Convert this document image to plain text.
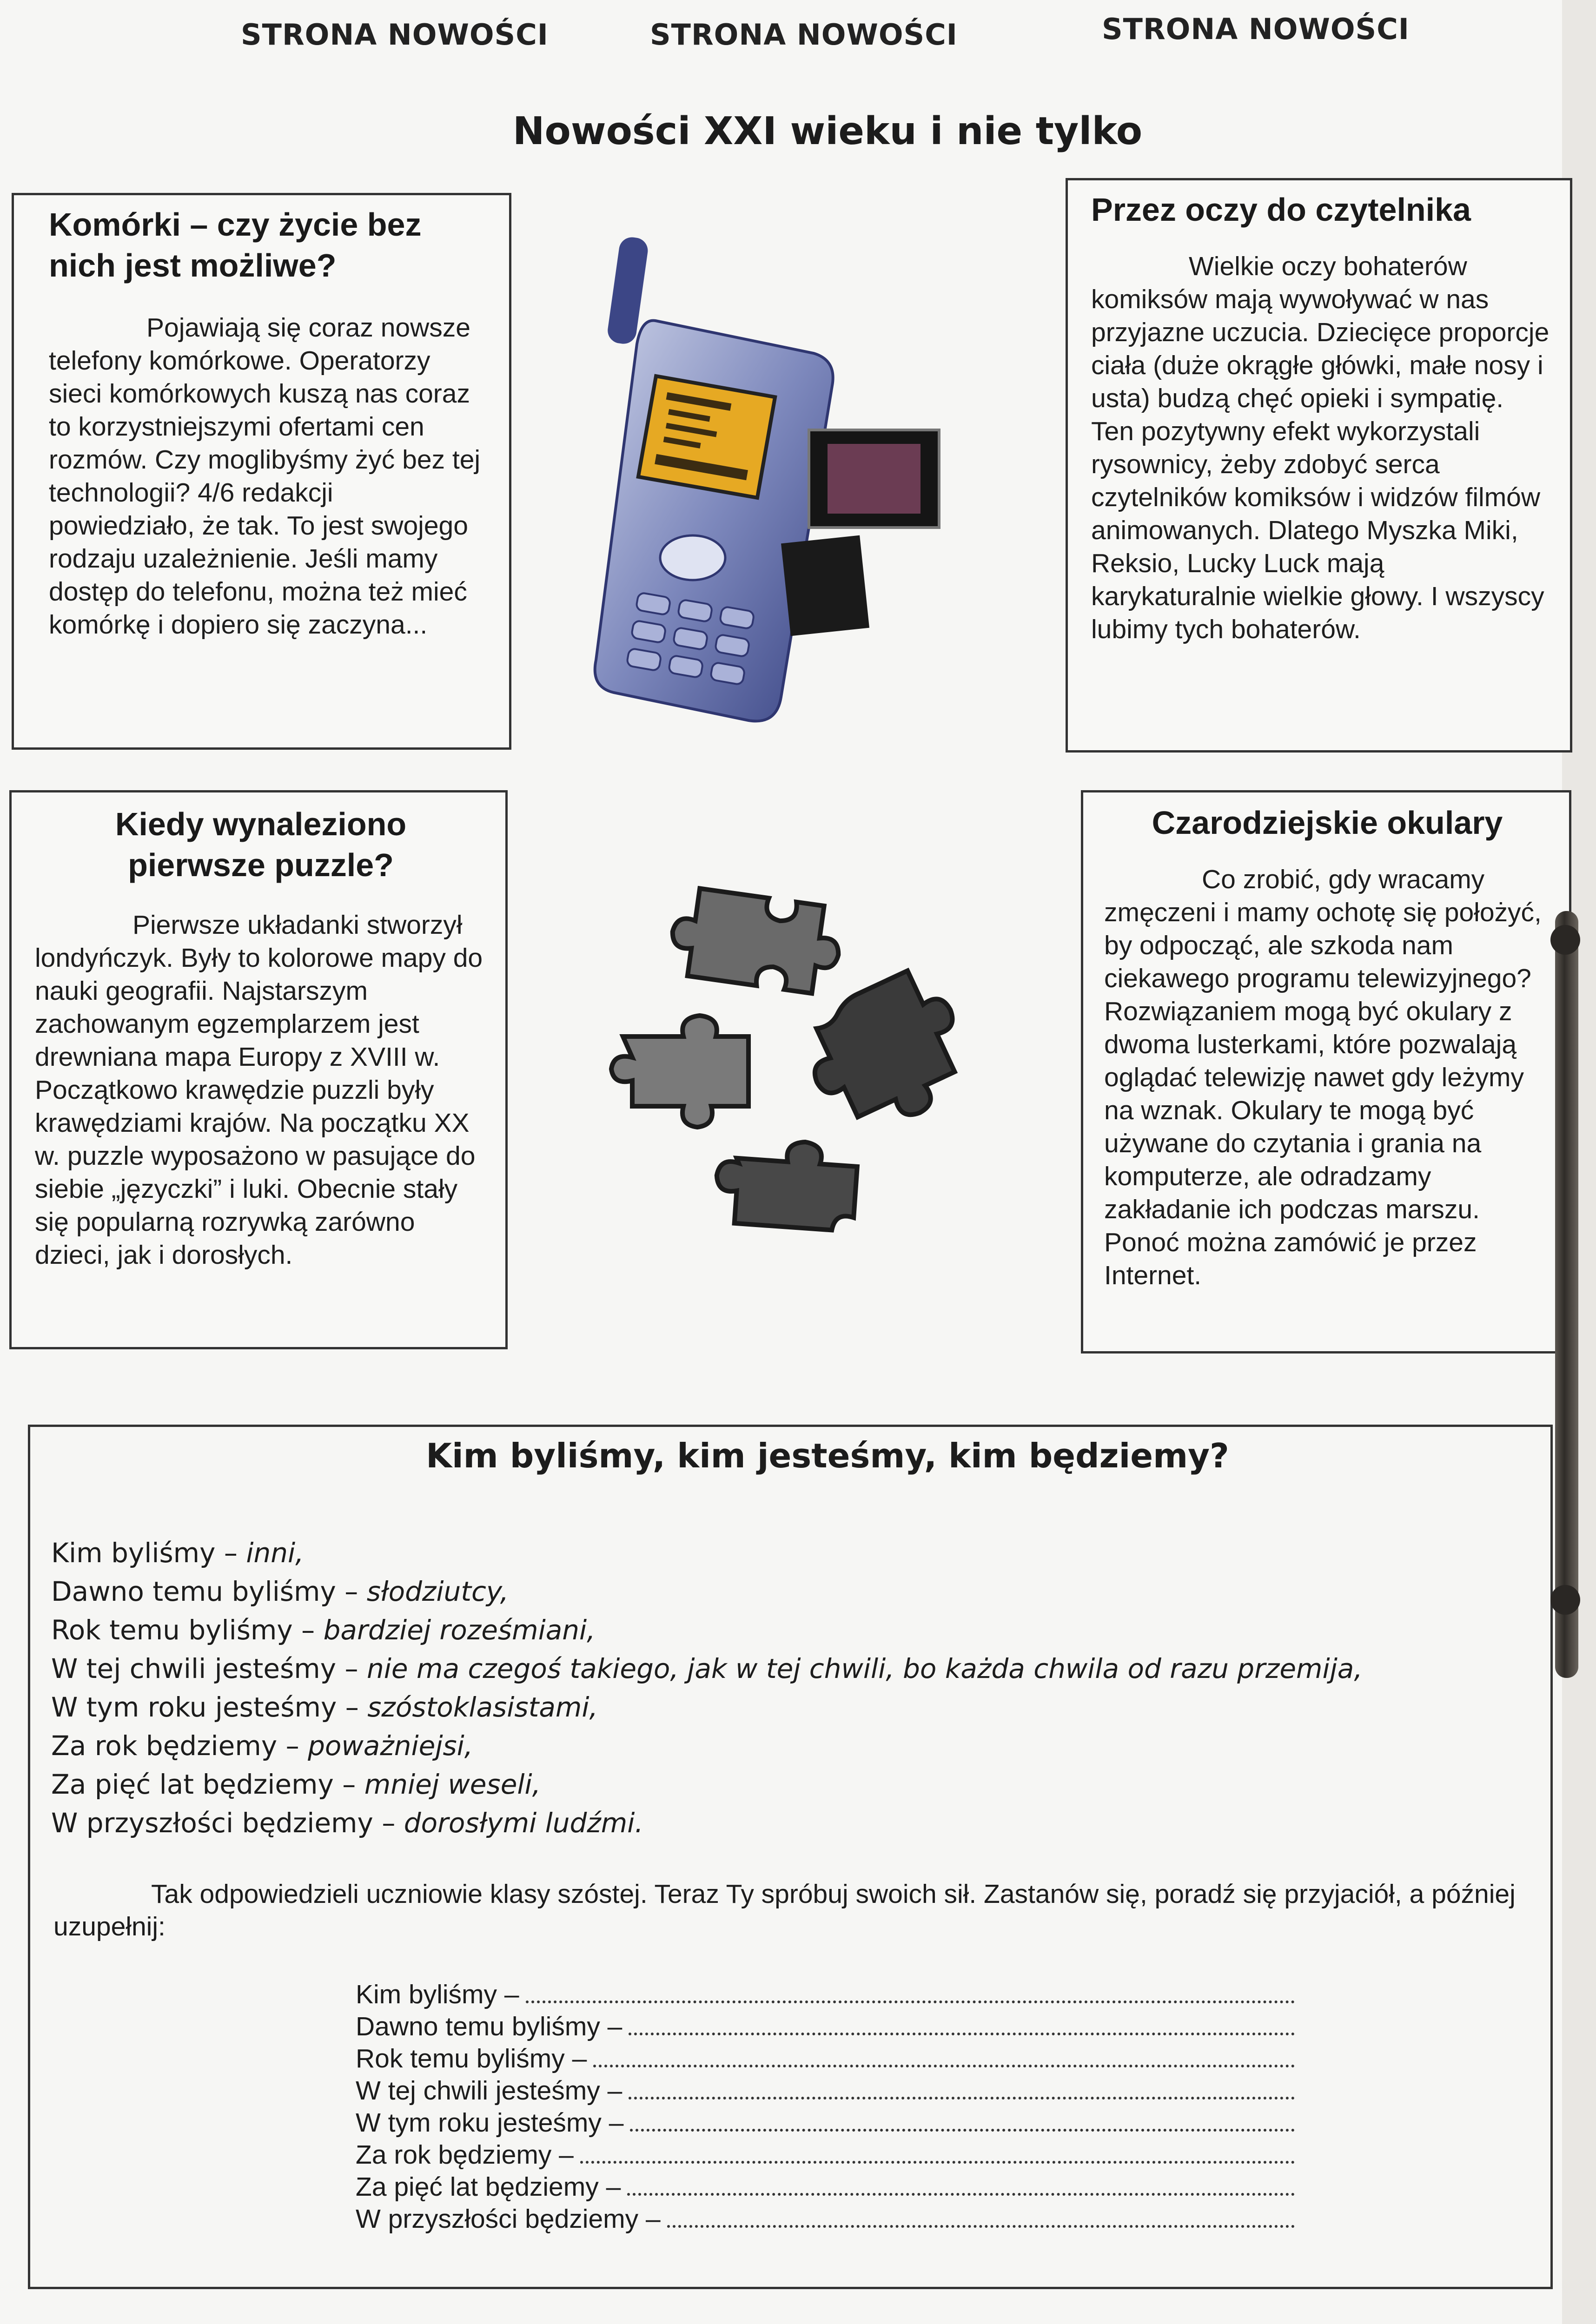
STRONA NOWOŚCI	STRONA NOWOŚCI	STRONA NOWOŚCI
Nowości XXI wieku i nie tylko
Komórki – czy życie bez nich jest możliwe?

Pojawiają się coraz nowsze telefony komórkowe. Operatorzy sieci komórkowych kuszą nas coraz to korzystniejszymi ofertami cen rozmów. Czy moglibyśmy żyć bez tej technologii? 4/6 redakcji powiedziało, że tak. To jest swojego rodzaju uzależnienie. Jeśli mamy dostęp do telefonu, można też mieć komórkę i dopiero się zaczyna...

Przez oczy do czytelnika

Wielkie oczy bohaterów komiksów mają wywoływać w nas przyjazne uczucia. Dziecięce proporcje ciała (duże okrągłe główki, małe nosy i usta) budzą chęć opieki i sympatię. Ten pozytywny efekt wykorzystali rysownicy, żeby zdobyć serca czytelników komiksów i widzów filmów animowanych. Dlatego Myszka Miki, Reksio, Lucky Luck mają karykaturalnie wielkie głowy. I wszyscy lubimy tych bohaterów.

Kiedy wynaleziono pierwsze puzzle?

Pierwsze układanki stworzył londyńczyk. Były to kolorowe mapy do nauki geografii. Najstarszym zachowanym egzemplarzem jest drewniana mapa Europy z XVIII w. Początkowo krawędzie puzzli były krawędziami krajów. Na początku XX w. puzzle wyposażono w pasujące do siebie „języczki” i luki. Obecnie stały się popularną rozrywką zarówno dzieci, jak i dorosłych.

Czarodziejskie okulary

Co zrobić, gdy wracamy zmęczeni i mamy ochotę się położyć, by odpocząć, ale szkoda nam ciekawego programu telewizyjnego? Rozwiązaniem mogą być okulary z dwoma lusterkami, które pozwalają oglądać telewizję nawet gdy leżymy na wznak. Okulary te mogą być używane do czytania i grania na komputerze, ale odradzamy zakładanie ich podczas marszu. Ponoć można zamówić je przez Internet.

Kim byliśmy, kim jesteśmy, kim będziemy?
Kim byliśmy – inni,
Dawno temu byliśmy – słodziutcy,
Rok temu byliśmy – bardziej roześmiani,
W tej chwili jesteśmy – nie ma czegoś takiego, jak w tej chwili, bo każda chwila od razu przemija,
W tym roku jesteśmy – szóstoklasistami,
Za rok będziemy – poważniejsi,
Za pięć lat będziemy – mniej weseli,
W przyszłości będziemy – dorosłymi ludźmi.
Tak odpowiedzieli uczniowie klasy szóstej. Teraz Ty spróbuj swoich sił. Zastanów się, poradź się przyjaciół, a później uzupełnij:
Kim byliśmy –
Dawno temu byliśmy –
Rok temu byliśmy –
W tej chwili jesteśmy –
W tym roku jesteśmy –
Za rok będziemy –
Za pięć lat będziemy –
W przyszłości będziemy –
